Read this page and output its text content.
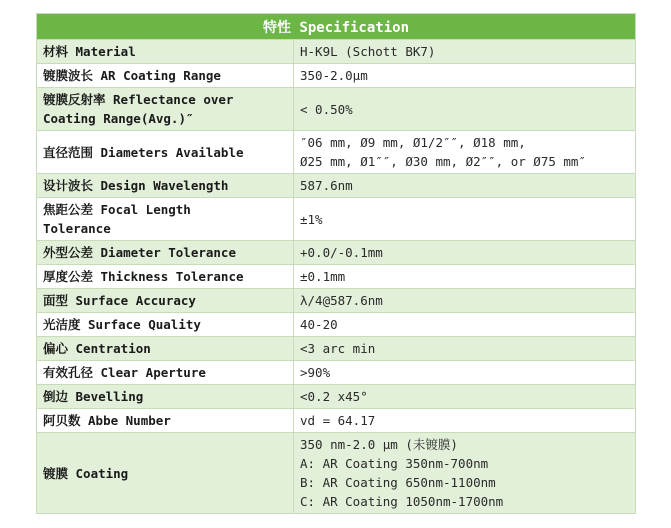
特性 Specification	
材料 Material	H-K9L (Schott BK7)
镀膜波长 AR Coating Range	350-2.0μm
镀膜反射率 Reflectance over
Coating Range(Avg.)″	< 0.50%
直径范围 Diameters Available	″06 mm, Ø9 mm, Ø1/2″″, Ø18 mm,
Ø25 mm, Ø1″″, Ø30 mm, Ø2″″, or Ø75 mm″
设计波长 Design Wavelength	587.6nm
焦距公差 Focal Length
Tolerance	±1%
外型公差 Diameter Tolerance	+0.0/-0.1mm
厚度公差 Thickness Tolerance	±0.1mm
面型 Surface Accuracy	λ/4@587.6nm
光洁度 Surface Quality	40-20
偏心 Centration	<3 arc min
有效孔径 Clear Aperture	>90%
倒边 Bevelling	<0.2 x45°
阿贝数 Abbe Number	vd = 64.17
镀膜 Coating	350 nm-2.0 μm (未镀膜)
A: AR Coating 350nm-700nm
B: AR Coating 650nm-1100nm
C: AR Coating 1050nm-1700nm
